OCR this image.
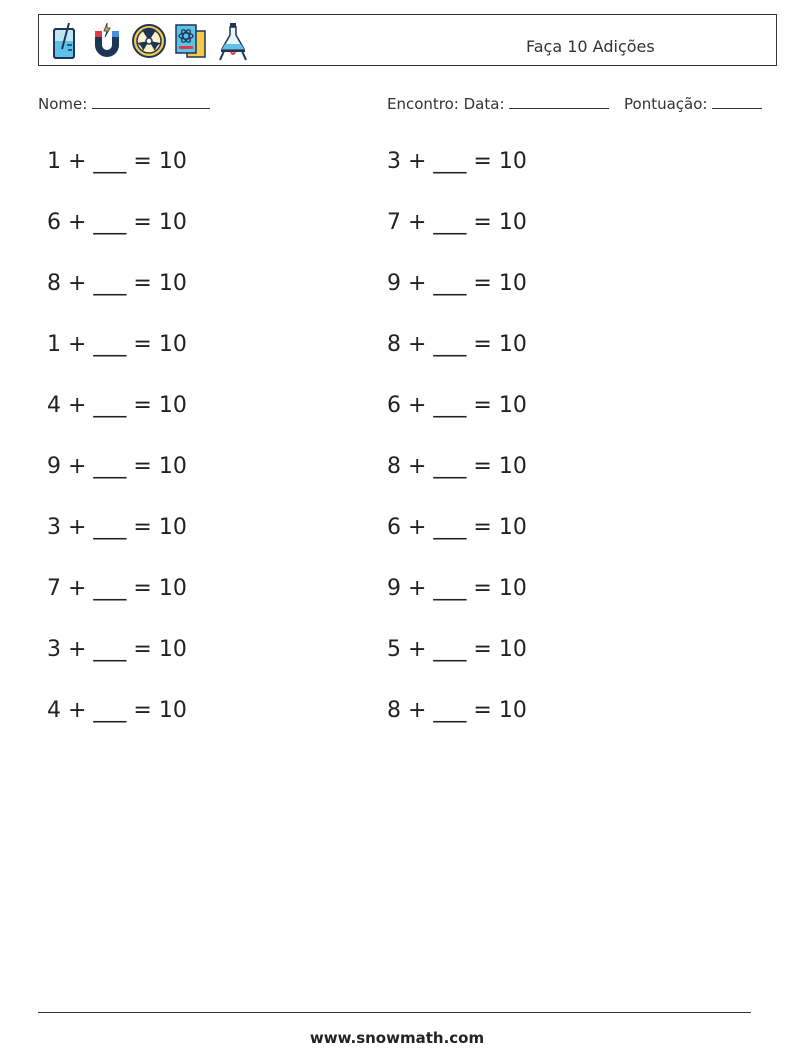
Faça 10 Adições
Nome:	Encontro: Data:	Pontuação:
1 + ___ = 10
6 + ___ = 10
8 + ___ = 10
1 + ___ = 10
4 + ___ = 10
9 + ___ = 10
3 + ___ = 10
7 + ___ = 10
3 + ___ = 10
4 + ___ = 10
3 + ___ = 10
7 + ___ = 10
9 + ___ = 10
8 + ___ = 10
6 + ___ = 10
8 + ___ = 10
6 + ___ = 10
9 + ___ = 10
5 + ___ = 10
8 + ___ = 10
www.snowmath.com
